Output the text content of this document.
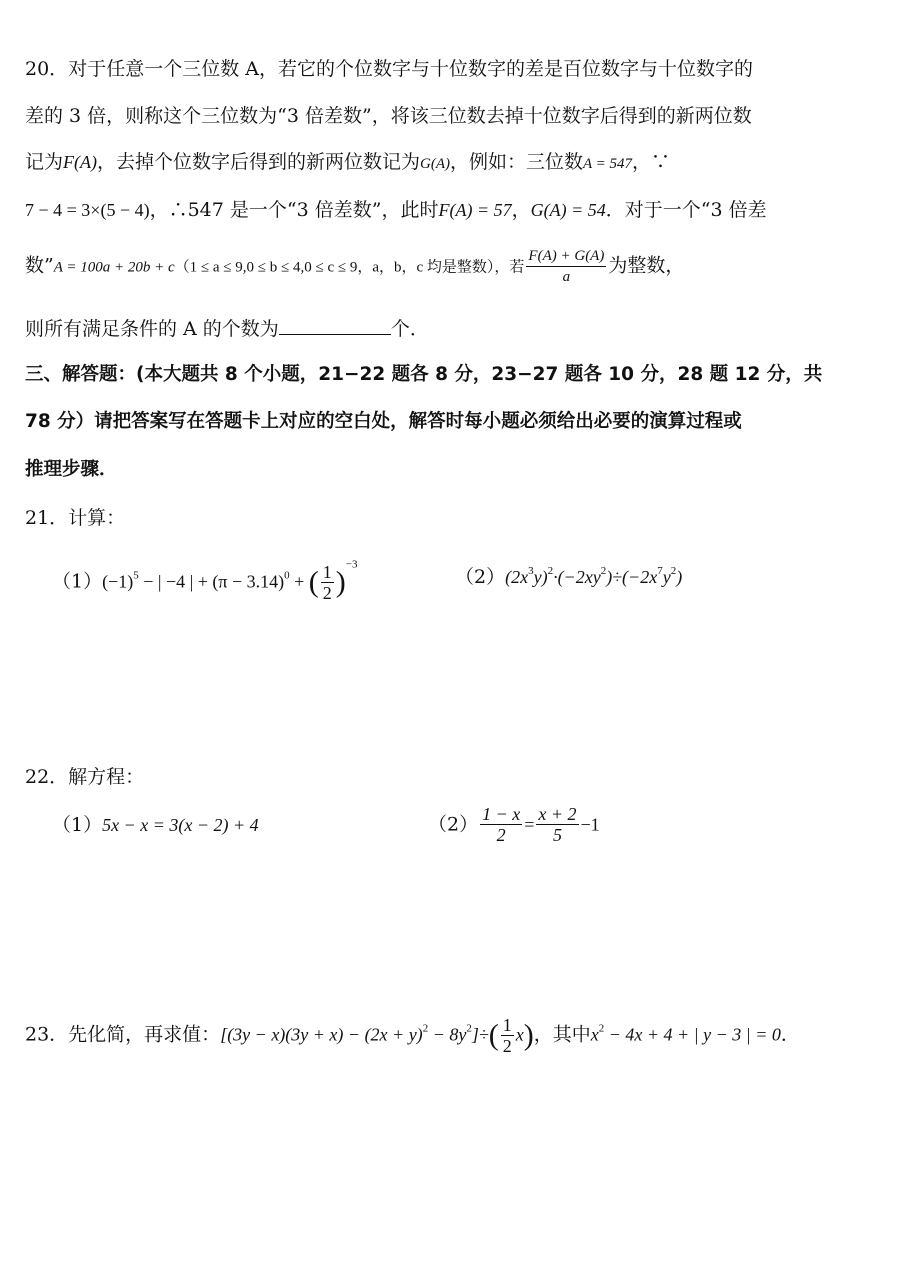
20．对于任意一个三位数 A，若它的个位数字与十位数字的差是百位数字与十位数字的
差的 3 倍，则称这个三位数为“3 倍差数”，将该三位数去掉十位数字后得到的新两位数
记为F(A)，去掉个位数字后得到的新两位数记为G(A)，例如：三位数A = 547，∵
7 − 4 = 3×(5 − 4)，∴547 是一个“3 倍差数”，此时F(A) = 57，G(A) = 54．对于一个“3 倍差
数”A = 100a + 20b + c（1 ≤ a ≤ 9,0 ≤ b ≤ 4,0 ≤ c ≤ 9，a，b，c 均是整数），若 $\frac{F(A) + G(A)}{a}$ 为整数，
则所有满足条件的 A 的个数为	个．
三、解答题：(本大题共 8 个小题，21−22 题各 8 分，23−27 题各 10 分，28 题 12 分，共
78 分）请把答案写在答题卡上对应的空白处，解答时每小题必须给出必要的演算过程或
推理步骤．
21．计算：
$(1)(-1)^5$ − | −4 | + $(\pi - 3.14)^0$ + ( $\frac{1}{2} )^{-3}$
$(2)(2x^3y)^2\cdot(-2xy^2)\div(-2x^7y^2)$
22．解方程：
（1）5x − x = 3(x − 2) + 4	$(2) \frac{1 - x}{2} = \frac{x + 2}{5} -1$
23．先化简，再求值：$[(3y - x)(3y + x) - (2x + y)^2 - 8y^2]\div( \frac{1}{2} x)$，其中$x^2 - 4x + 4$ + | y − 3 | = 0．
